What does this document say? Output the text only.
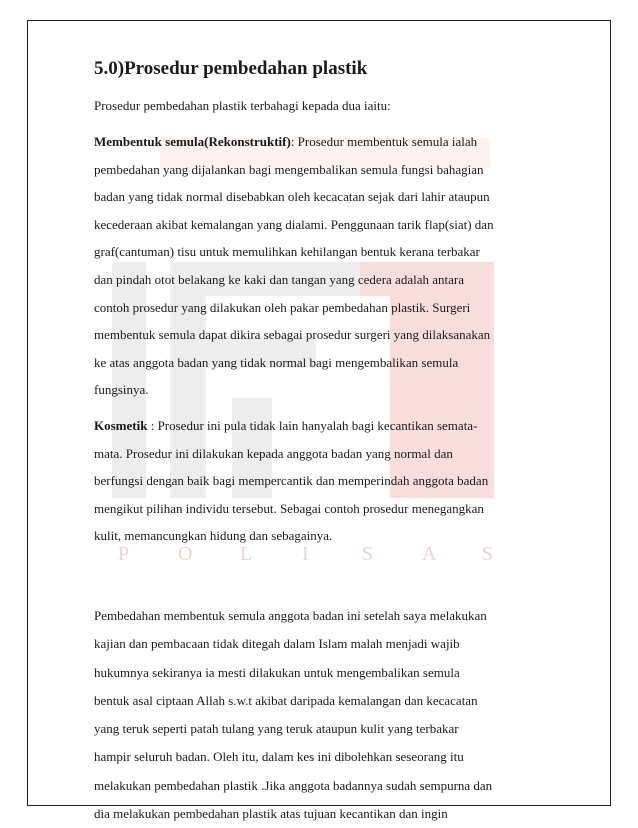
P O L I	S A S
5.0)Prosedur pembedahan plastik
Prosedur pembedahan plastik terbahagi kepada dua iaitu:

Membentuk semula(Rekonstruktif): Prosedur membentuk semula ialah
pembedahan yang dijalankan bagi mengembalikan semula fungsi bahagian
badan yang tidak normal disebabkan oleh kecacatan sejak dari lahir ataupun
kecederaan akibat kemalangan yang dialami. Penggunaan tarik flap(siat) dan
graf(cantuman) tisu untuk memulihkan kehilangan bentuk kerana terbakar
dan pindah otot belakang ke kaki dan tangan yang cedera adalah antara
contoh prosedur yang dilakukan oleh pakar pembedahan plastik. Surgeri
membentuk semula dapat dikira sebagai prosedur surgeri yang dilaksanakan
ke atas anggota badan yang tidak normal bagi mengembalikan semula
fungsinya.

Kosmetik : Prosedur ini pula tidak lain hanyalah bagi kecantikan semata-
mata. Prosedur ini dilakukan kepada anggota badan yang normal dan
berfungsi dengan baik bagi mempercantik dan memperindah anggota badan
mengikut pilihan individu tersebut. Sebagai contoh prosedur menegangkan
kulit, memancungkan hidung dan sebagainya.

Pembedahan membentuk semula anggota badan ini setelah saya melakukan
kajian dan pembacaan tidak ditegah dalam Islam malah menjadi wajib
hukumnya sekiranya ia mesti dilakukan untuk mengembalikan semula
bentuk asal ciptaan Allah s.w.t akibat daripada kemalangan dan kecacatan
yang teruk seperti patah tulang yang teruk ataupun kulit yang terbakar
hampir seluruh badan. Oleh itu, dalam kes ini dibolehkan seseorang itu
melakukan pembedahan plastik .Jika anggota badannya sudah sempurna dan
dia melakukan pembedahan plastik atas tujuan kecantikan dan ingin
